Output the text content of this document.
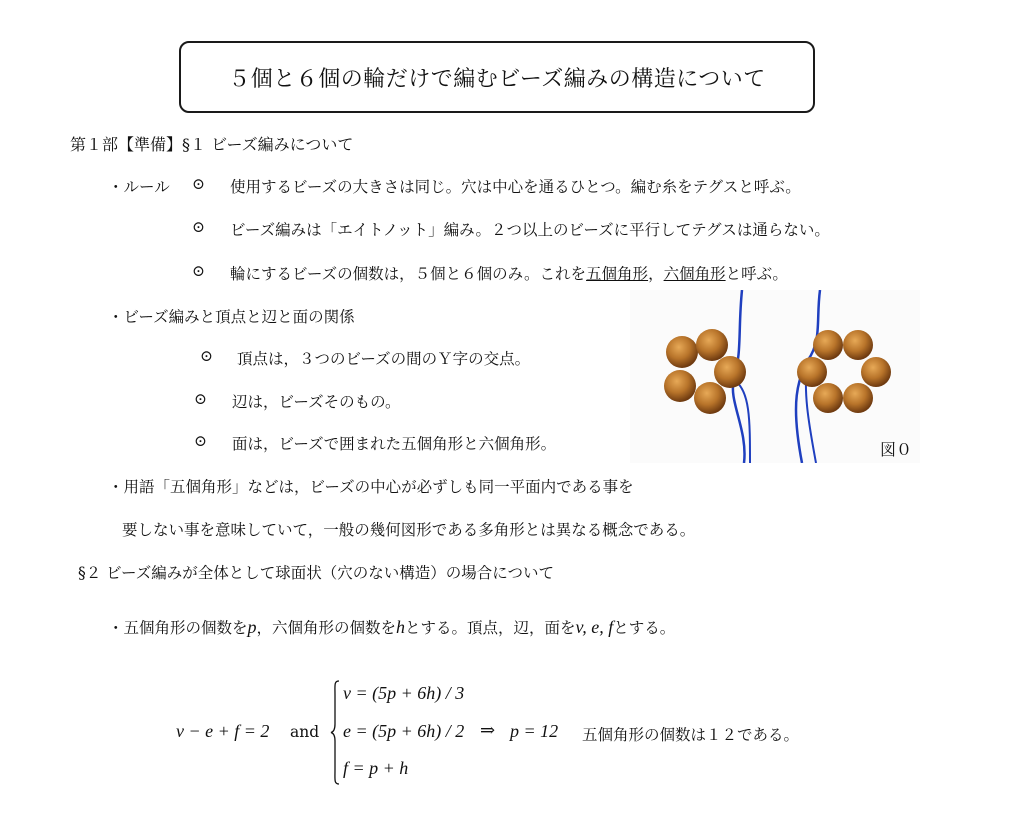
５個と６個の輪だけで編むビーズ編みの構造について
第１部【準備】§１ ビーズ編みについて
・ルール ⊙ 使用するビーズの大きさは同じ。穴は中心を通るひとつ。編む糸をテグスと呼ぶ。
⊙ ビーズ編みは「エイトノット」編み。２つ以上のビーズに平行してテグスは通らない。
⊙ 輪にするビーズの個数は，５個と６個のみ。これを五個角形，六個角形と呼ぶ。
・ビーズ編みと頂点と辺と面の関係
⊙ 頂点は，３つのビーズの間のＹ字の交点。
⊙ 辺は，ビーズそのもの。
⊙ 面は，ビーズで囲まれた五個角形と六個角形。	図０
・用語「五個角形」などは，ビーズの中心が必ずしも同一平面内である事を
要しない事を意味していて，一般の幾何図形である多角形とは異なる概念である。
§２ ビーズ編みが全体として球面状（穴のない構造）の場合について
・五個角形の個数をp，六個角形の個数をhとする。頂点，辺，面をv, e, fとする。
v − e + f = 2 and
v = (5p + 6h) / 3
e = (5p + 6h) / 2 ⇒ p = 12 五個角形の個数は１２である。
f = p + h
